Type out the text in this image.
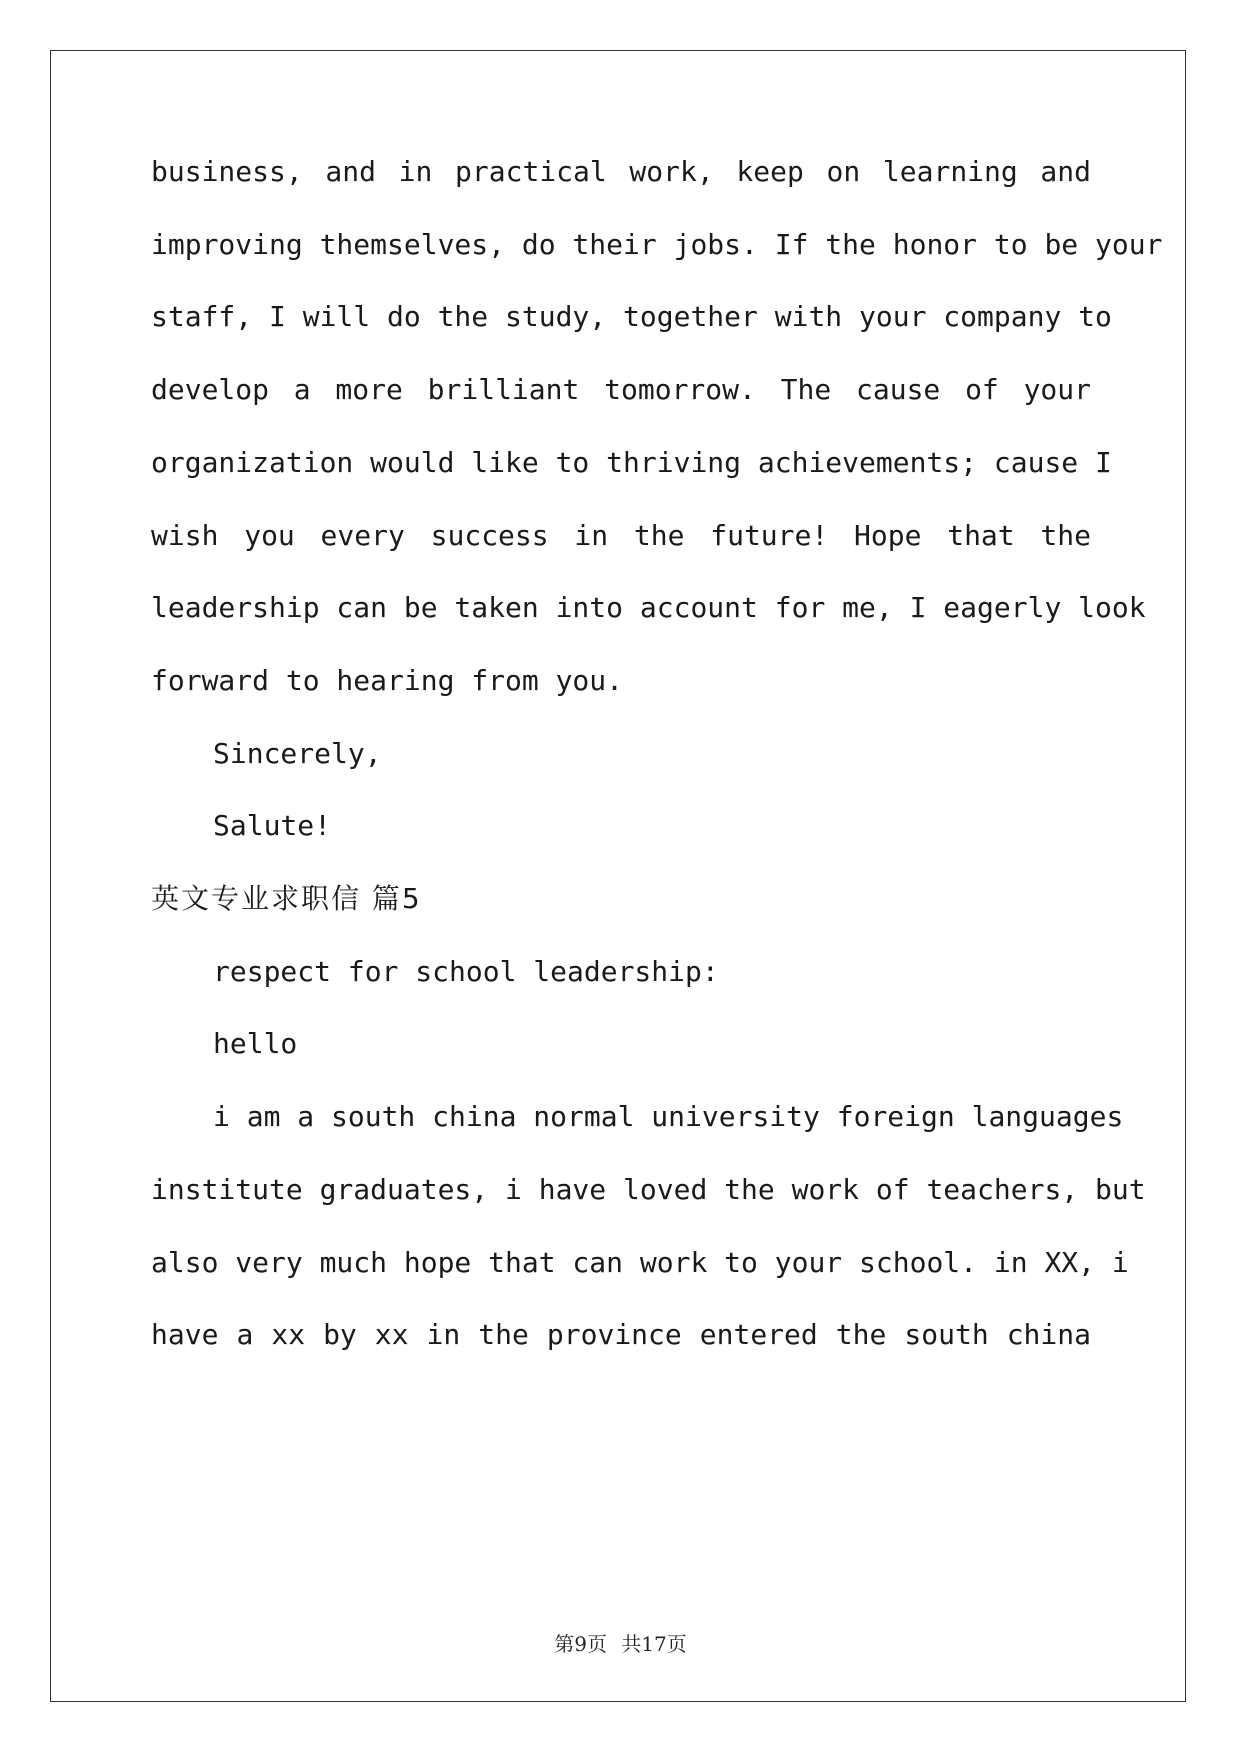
business, and in practical work, keep on learning and
improving themselves, do their jobs. If the honor to be your
staff, I will do the study, together with your company to
develop a more brilliant tomorrow. The cause of your
organization would like to thriving achievements; cause I
wish you every success in the future! Hope that the
leadership can be taken into account for me, I eagerly look
forward to hearing from you.
Sincerely,
Salute!
英文专业求职信 篇5
respect for school leadership:
hello
i am a south china normal university foreign languages
institute graduates, i have loved the work of teachers, but
also very much hope that can work to your school. in XX, i
have a xx by xx in the province entered the south china
第9页 共17页
